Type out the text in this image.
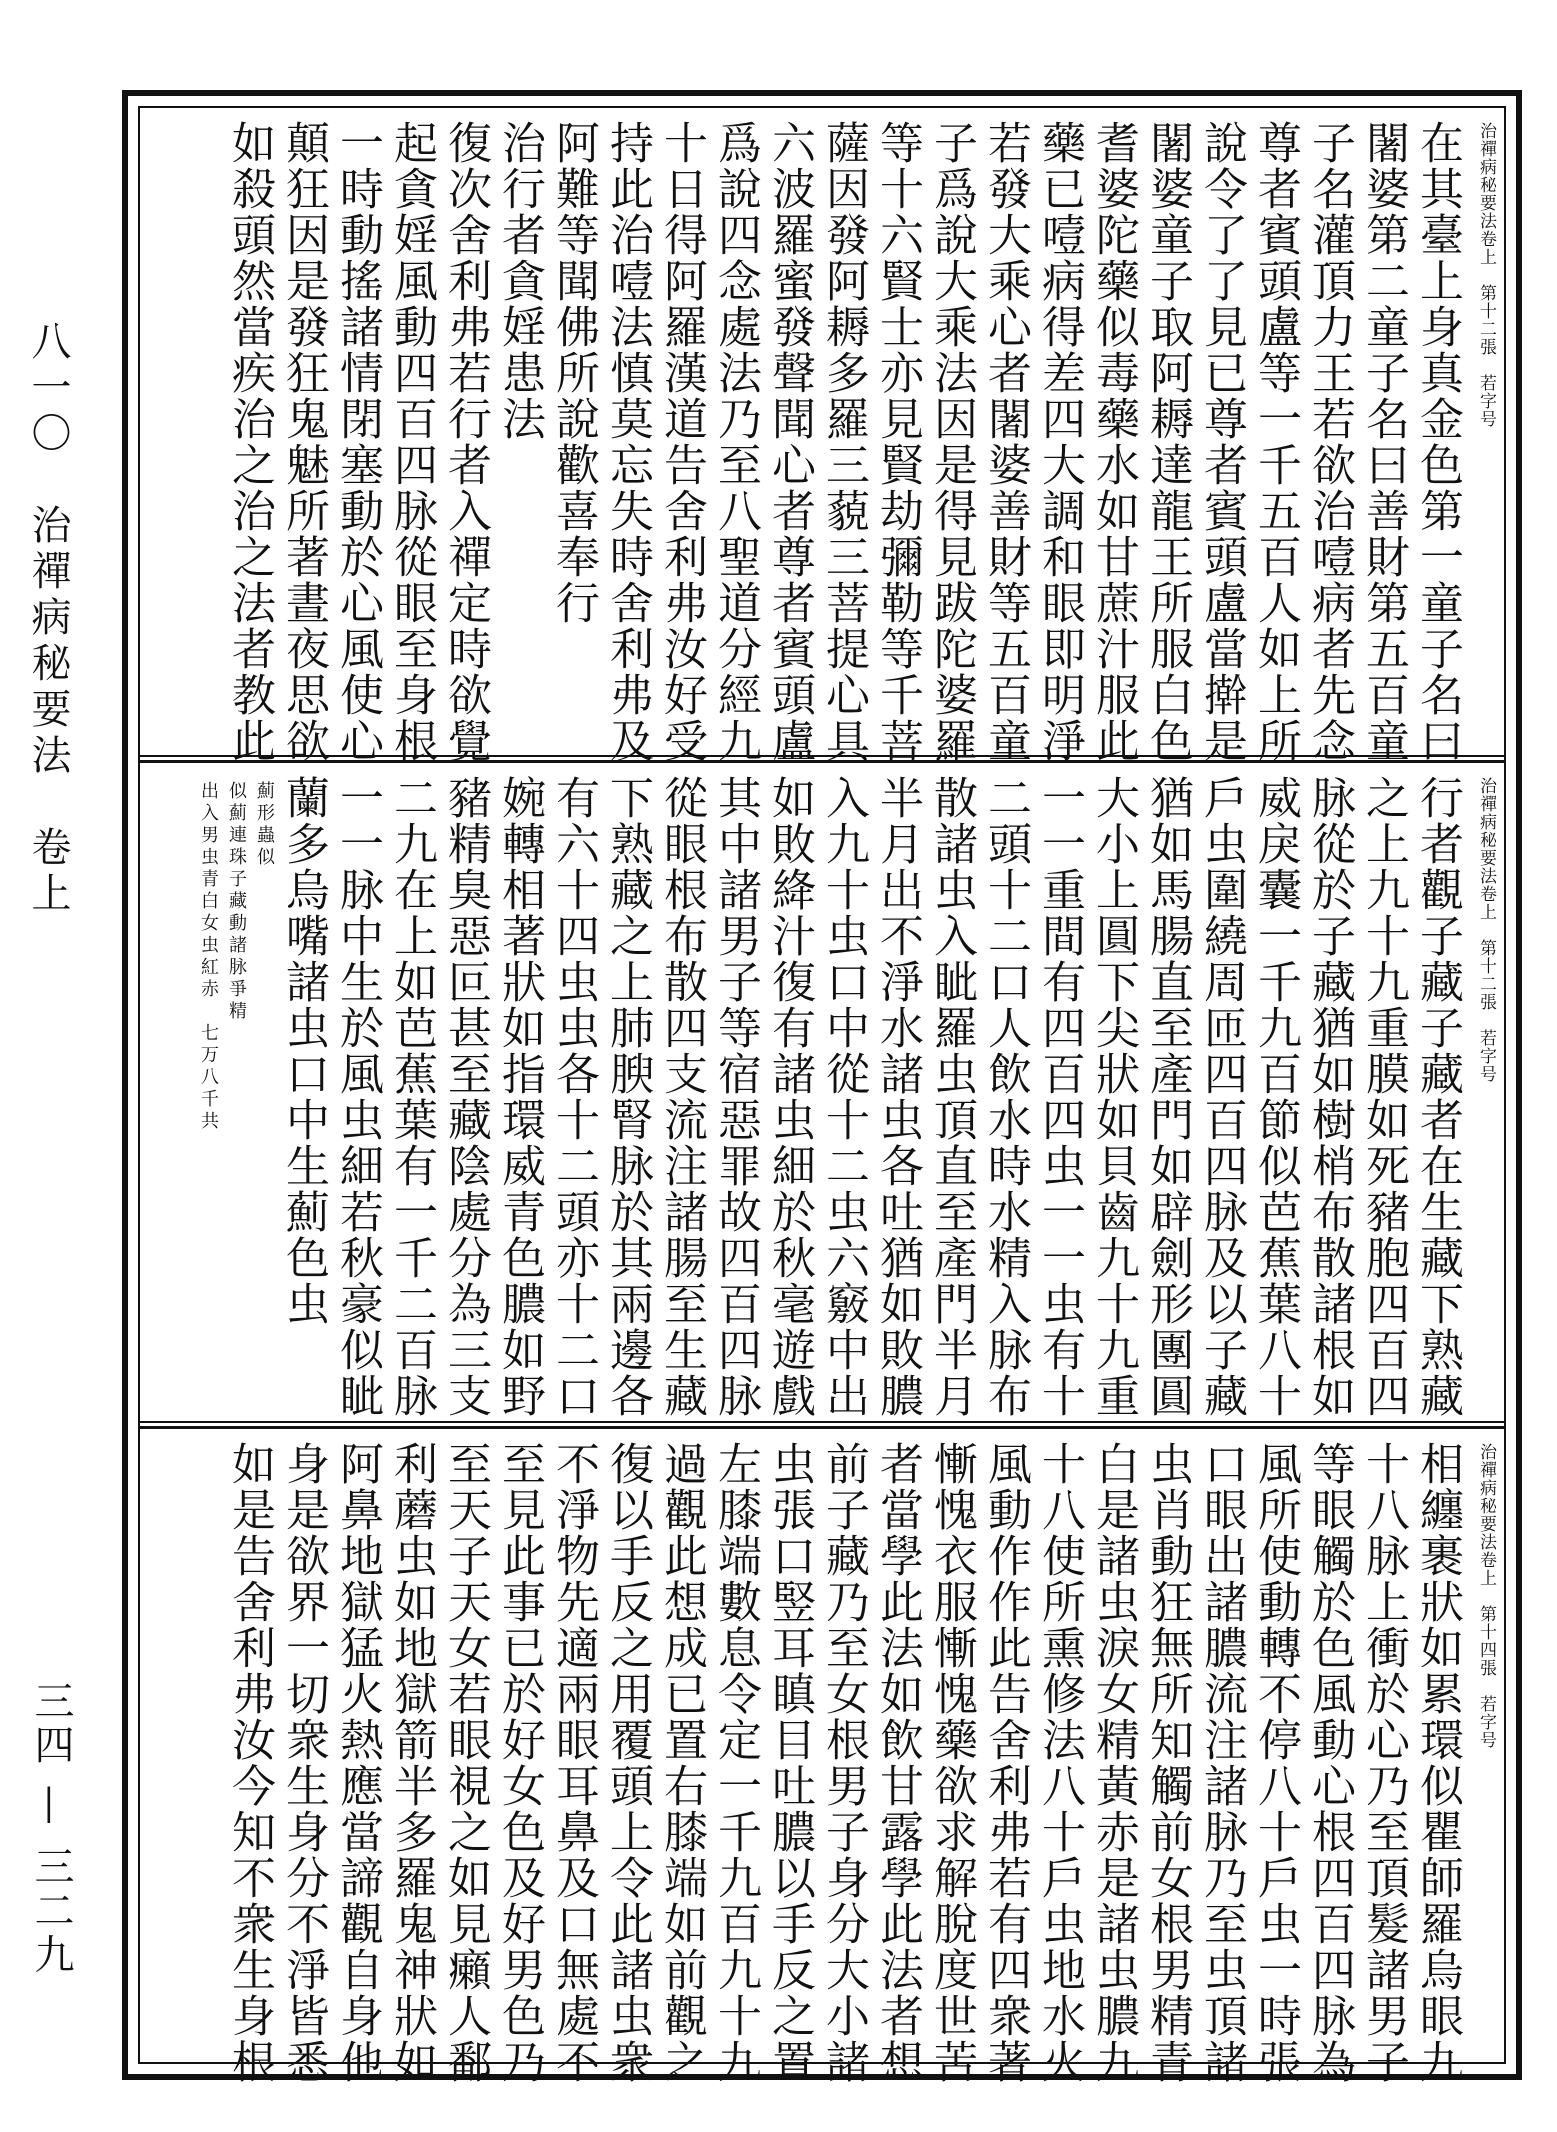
八一〇　治禪病秘要法　卷上
三四 — 三二九
治禪病秘要法卷上　第十二張　若字号
在其臺上身真金色第一童子名曰
闍婆第二童子名曰善財第五百童
子名灌頂力王若欲治噎病者先念
尊者賓頭盧等一千五百人如上所
說令了了見已尊者賓頭盧當擀是
闍婆童子取阿耨達龍王所服白色
耆婆陀藥似毒藥水如甘蔗汁服此
藥已噎病得差四大調和眼即明淨
若發大乘心者闍婆善財等五百童
子爲說大乘法因是得見跋陀婆羅
等十六賢士亦見賢劫彌勒等千菩
薩因發阿耨多羅三藐三菩提心具
六波羅蜜發聲聞心者尊者賓頭盧
爲說四念處法乃至八聖道分經九
十日得阿羅漢道告舍利弗汝好受
持此治噎法慎莫忘失時舍利弗及
阿難等聞佛所說歡喜奉行
治行者貪婬患法
復次舍利弗若行者入禪定時欲覺
起貪婬風動四百四脉從眼至身根
一時動搖諸情閉塞動於心風使心
顛狂因是發狂鬼魅所著晝夜思欲
如殺頭然當疾治之治之法者教此
治禪病秘要法卷上　第十二張　若字号
行者觀子藏子藏者在生藏下熟藏
之上九十九重膜如死豬胞四百四
脉從於子藏猶如樹梢布散諸根如
威戾囊一千九百節似芭蕉葉八十
戶虫圍繞周匝四百四脉及以子藏
猶如馬腸直至產門如辟劍形團圓
大小上圓下尖狀如貝齒九十九重
一一重間有四百四虫一一虫有十
二頭十二口人飲水時水精入脉布
散諸虫入眦羅虫頂直至產門半月
半月出不淨水諸虫各吐猶如敗膿
入九十虫口中從十二虫六竅中出
如敗絳汁復有諸虫細於秋毫遊戲
其中諸男子等宿惡罪故四百四脉
從眼根布散四支流注諸腸至生藏
下熟藏之上肺腴腎脉於其兩邊各
有六十四虫虫各十二頭亦十二口
婉轉相著狀如指環威青色膿如野
豬精臭惡叵甚至藏陰處分為三支
二九在上如芭蕉葉有一千二百脉
一一脉中生於風虫細若秋豪似眦
蘭多烏嘴諸虫口中生薊色虫
薊形蟲似
似薊連珠子藏動諸脉爭精
出入男虫青白女虫紅赤　七万八千共
治禪病秘要法卷上　第十四張　若字号
相纏裹狀如累環似瞿師羅烏眼九
十八脉上衝於心乃至頂髮諸男子
等眼觸於色風動心根四百四脉為
風所使動轉不停八十戶虫一時張
口眼出諸膿流注諸脉乃至虫頂諸
虫肖動狂無所知觸前女根男精青
白是諸虫淚女精黃赤是諸虫膿九
十八使所熏修法八十戶虫地水火
風動作作此告舍利弗若有四衆著
慚愧衣服慚愧藥欲求解脫度世苦
者當學此法如飲甘露學此法者想
前子藏乃至女根男子身分大小諸
虫張口竪耳瞋目吐膿以手反之置
左膝端數息令定一千九百九十九
過觀此想成已置右膝端如前觀之
復以手反之用覆頭上令此諸虫衆
不淨物先適兩眼耳鼻及口無處不
至見此事已於好女色及好男色乃
至天子天女若眼視之如見癩人鄱
利蘑虫如地獄箭半多羅鬼神狀如
阿鼻地獄猛火熱應當諦觀自身他
身是欲界一切衆生身分不淨皆悉
如是告舍利弗汝今知不衆生身根
